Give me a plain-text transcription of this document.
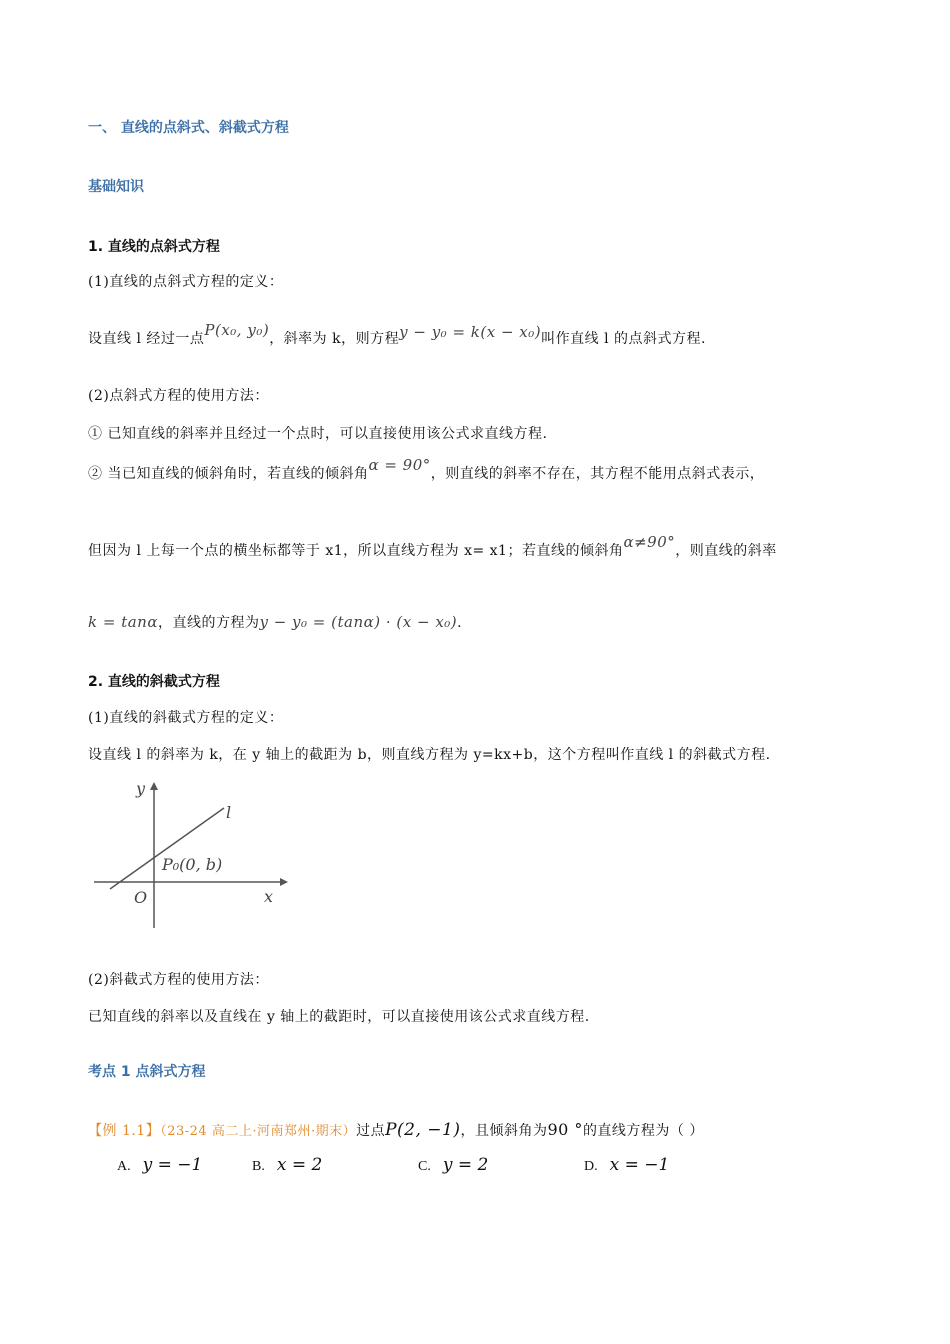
一、 直线的点斜式、斜截式方程
基础知识
1. 直线的点斜式方程
(1)直线的点斜式方程的定义：
设直线 l 经过一点P(x₀, y₀)，斜率为 k，则方程y − y₀ = k(x − x₀)叫作直线 l 的点斜式方程.
(2)点斜式方程的使用方法：
① 已知直线的斜率并且经过一个点时，可以直接使用该公式求直线方程.
② 当已知直线的倾斜角时，若直线的倾斜角α = 90°，则直线的斜率不存在，其方程不能用点斜式表示，
但因为 l 上每一个点的横坐标都等于 x1，所以直线方程为 x= x1；若直线的倾斜角α≠90°，则直线的斜率
k = tanα，直线的方程为y − y₀ = (tanα) · (x − x₀).
2. 直线的斜截式方程
(1)直线的斜截式方程的定义：
设直线 l 的斜率为 k，在 y 轴上的截距为 b，则直线方程为 y=kx+b，这个方程叫作直线 l 的斜截式方程.
y
x
O
l
P₀(0, b)
(2)斜截式方程的使用方法：
已知直线的斜率以及直线在 y 轴上的截距时，可以直接使用该公式求直线方程.
考点 1 点斜式方程
【例 1.1】（23-24 高二上·河南郑州·期末）过点P(2, −1)，且倾斜角为90 °的直线方程为（ ）
A. y = −1	B. x = 2	C. y = 2	D. x = −1
